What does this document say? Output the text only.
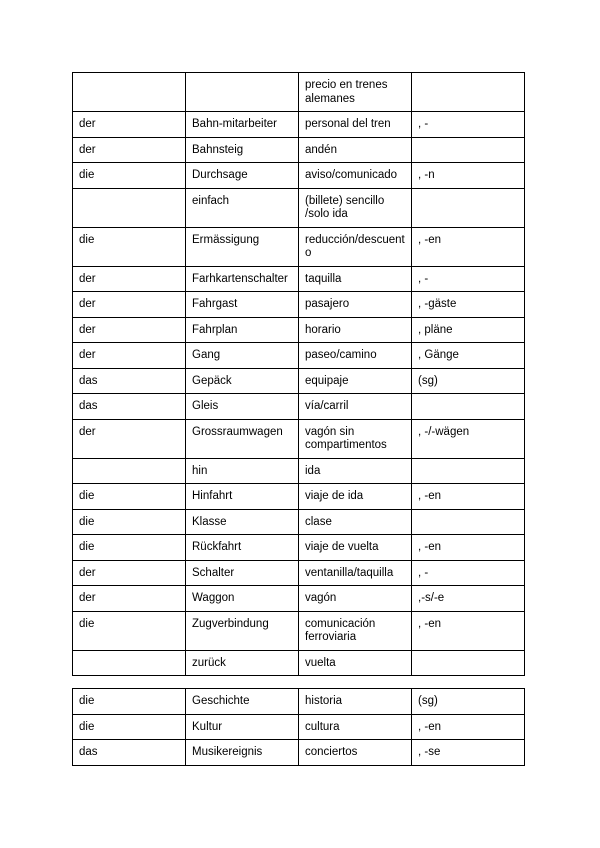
		precio en trenes alemanes	
der	Bahn-mitarbeiter	personal del tren	, -
der	Bahnsteig	andén	
die	Durchsage	aviso/comunicado	, -n
	einfach	(billete) sencillo /solo ida	
die	Ermässigung	reducción/descuento	, -en
der	Farhkartenschalter	taquilla	, -
der	Fahrgast	pasajero	, -gäste
der	Fahrplan	horario	, pläne
der	Gang	paseo/camino	, Gänge
das	Gepäck	equipaje	(sg)
das	Gleis	vía/carril	
der	Grossraumwagen	vagón sin compartimentos	, -/-wägen
	hin	ida	
die	Hinfahrt	viaje de ida	, -en
die	Klasse	clase	
die	Rückfahrt	viaje de vuelta	, -en
der	Schalter	ventanilla/taquilla	, -
der	Waggon	vagón	,-s/-e
die	Zugverbindung	comunicación ferroviaria	, -en
	zurück	vuelta	
die	Geschichte	historia	(sg)
die	Kultur	cultura	, -en
das	Musikereignis	conciertos	, -se
